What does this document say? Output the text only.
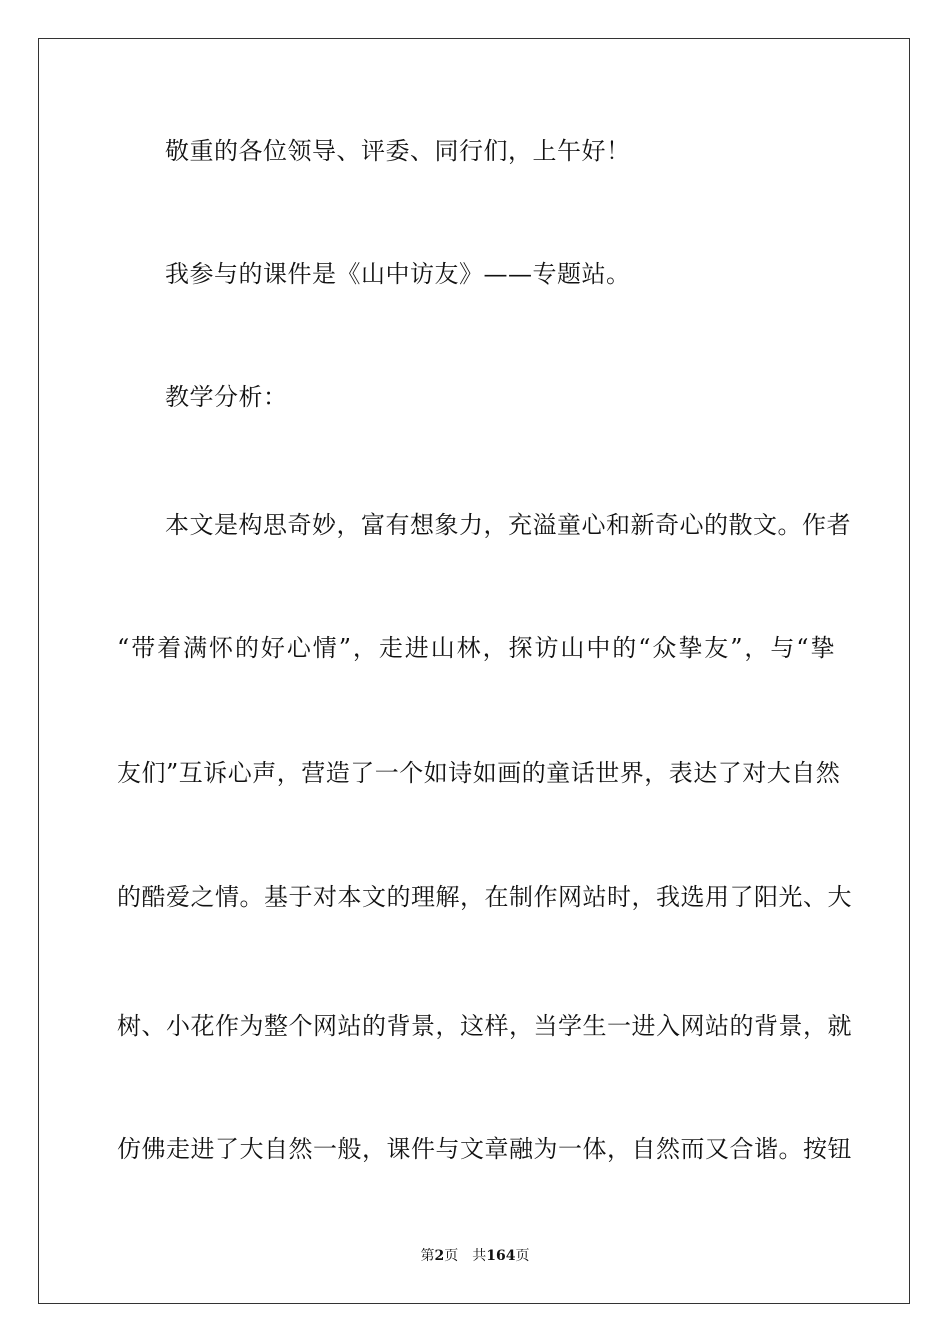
敬重的各位领导、评委、同行们，上午好！
我参与的课件是《山中访友》——专题站。
教学分析：
本文是构思奇妙，富有想象力，充溢童心和新奇心的散文。作者
“带着满怀的好心情”，走进山林，探访山中的“众挚友”，与“挚
友们”互诉心声，营造了一个如诗如画的童话世界，表达了对大自然
的酷爱之情。基于对本文的理解，在制作网站时，我选用了阳光、大
树、小花作为整个网站的背景，这样，当学生一进入网站的背景，就
仿佛走进了大自然一般，课件与文章融为一体，自然而又合谐。按钮
第2页 共164页
